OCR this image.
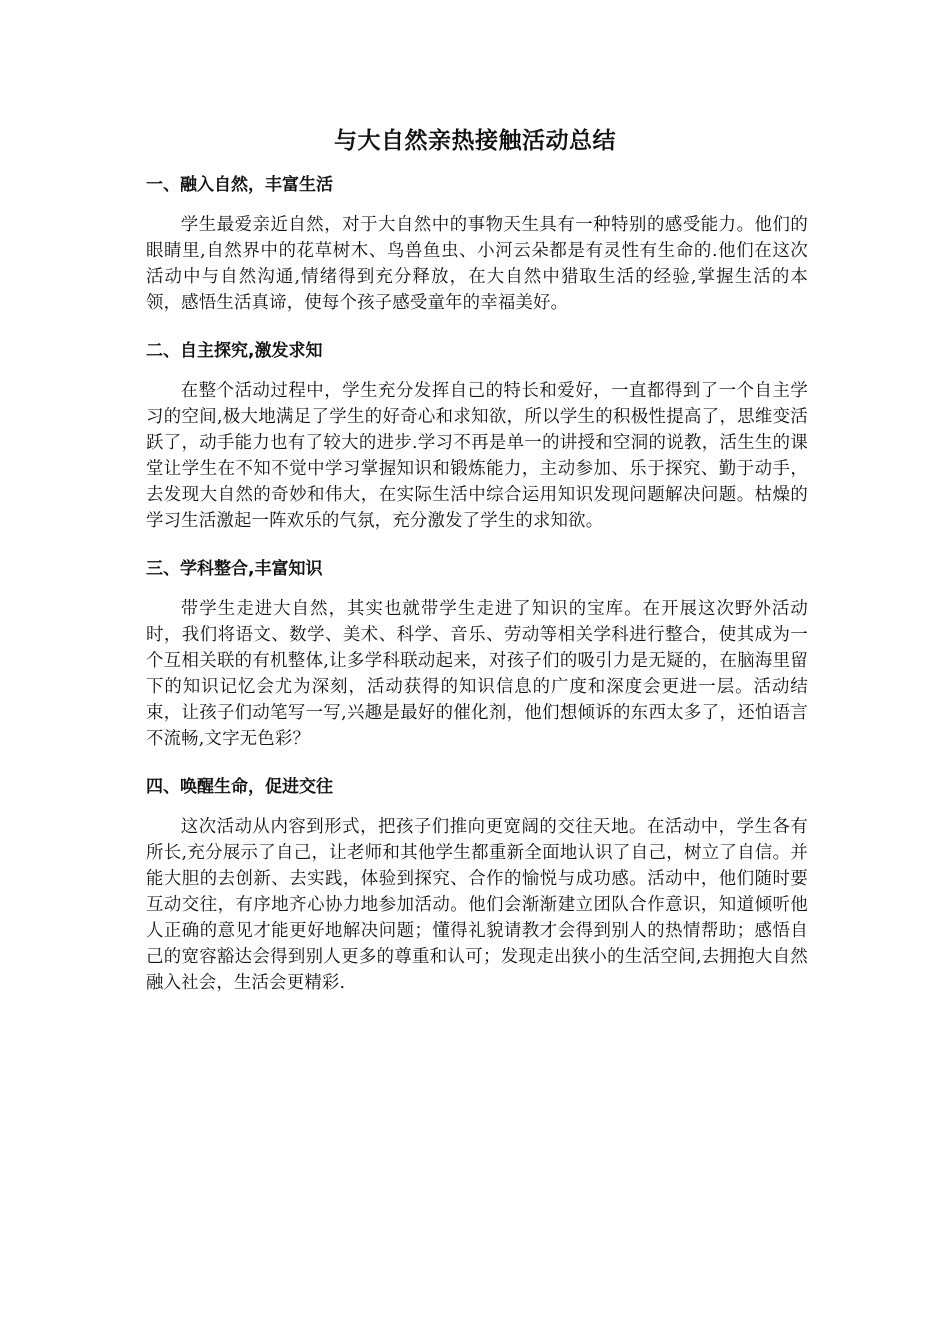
与大自然亲热接触活动总结

一、融入自然，丰富生活

学生最爱亲近自然，对于大自然中的事物天生具有一种特别的感受能力。他们的眼睛里,自然界中的花草树木、鸟兽鱼虫、小河云朵都是有灵性有生命的.他们在这次活动中与自然沟通,情绪得到充分释放，在大自然中猎取生活的经验,掌握生活的本领，感悟生活真谛，使每个孩子感受童年的幸福美好。

二、自主探究,激发求知

在整个活动过程中，学生充分发挥自己的特长和爱好，一直都得到了一个自主学习的空间,极大地满足了学生的好奇心和求知欲，所以学生的积极性提高了，思维变活跃了，动手能力也有了较大的进步.学习不再是单一的讲授和空洞的说教，活生生的课堂让学生在不知不觉中学习掌握知识和锻炼能力，主动参加、乐于探究、勤于动手，去发现大自然的奇妙和伟大，在实际生活中综合运用知识发现问题解决问题。枯燥的学习生活激起一阵欢乐的气氛，充分激发了学生的求知欲。

三、学科整合,丰富知识

带学生走进大自然，其实也就带学生走进了知识的宝库。在开展这次野外活动时，我们将语文、数学、美术、科学、音乐、劳动等相关学科进行整合，使其成为一个互相关联的有机整体,让多学科联动起来，对孩子们的吸引力是无疑的，在脑海里留下的知识记忆会尤为深刻，活动获得的知识信息的广度和深度会更进一层。活动结束，让孩子们动笔写一写,兴趣是最好的催化剂，他们想倾诉的东西太多了，还怕语言不流畅,文字无色彩？

四、唤醒生命，促进交往

这次活动从内容到形式，把孩子们推向更宽阔的交往天地。在活动中，学生各有所长,充分展示了自己，让老师和其他学生都重新全面地认识了自己，树立了自信。并能大胆的去创新、去实践，体验到探究、合作的愉悦与成功感。活动中，他们随时要互动交往，有序地齐心协力地参加活动。他们会渐渐建立团队合作意识，知道倾听他人正确的意见才能更好地解决问题；懂得礼貌请教才会得到别人的热情帮助；感悟自己的宽容豁达会得到别人更多的尊重和认可；发现走出狭小的生活空间,去拥抱大自然融入社会，生活会更精彩.
